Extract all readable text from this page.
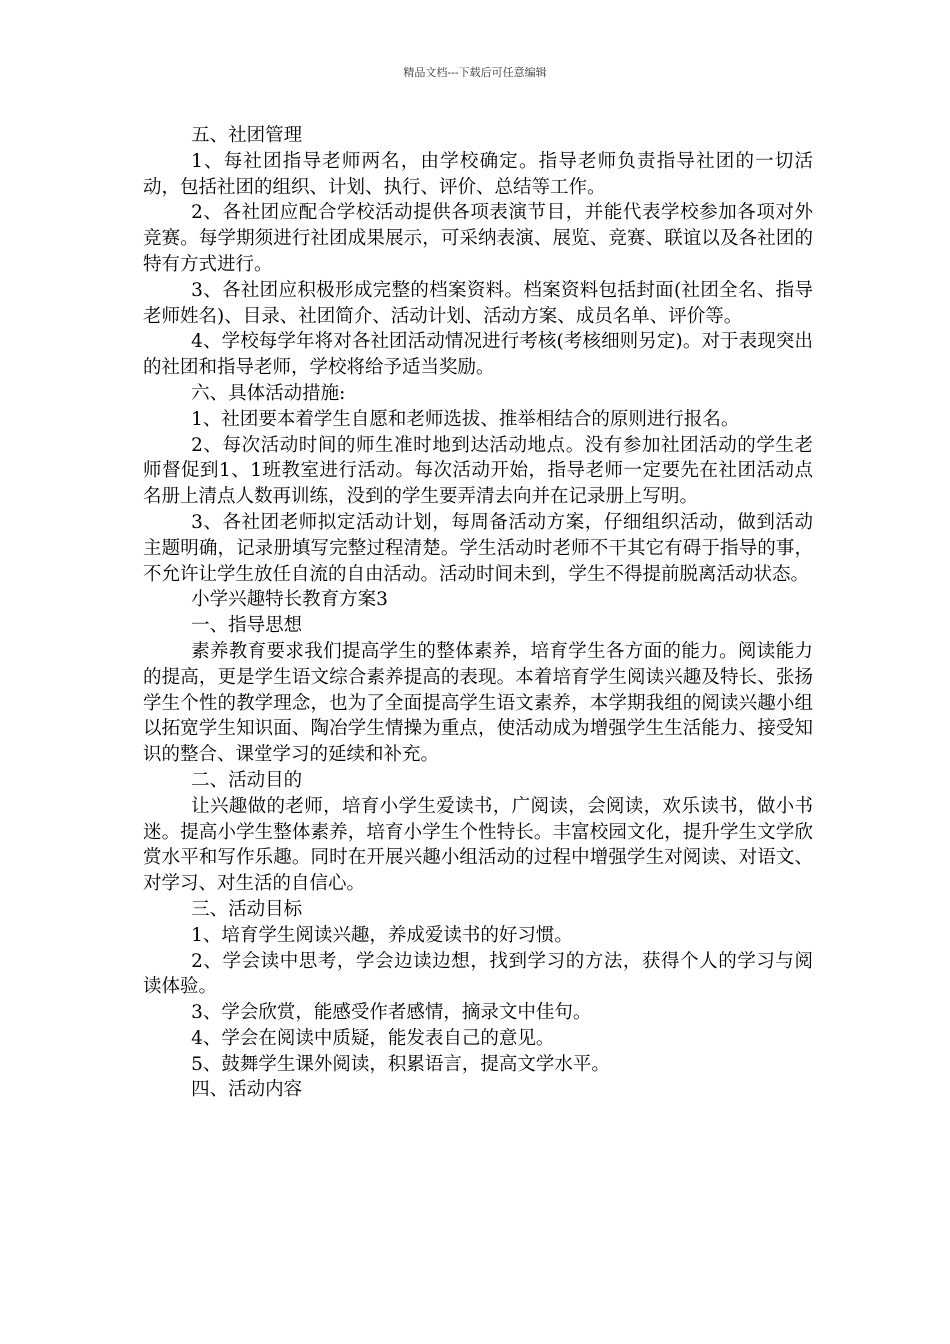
精品文档---下载后可任意编辑

五、社团管理

1、每社团指导老师两名，由学校确定。指导老师负责指导社团的一切活动，包括社团的组织、计划、执行、评价、总结等工作。

2、各社团应配合学校活动提供各项表演节目，并能代表学校参加各项对外竞赛。每学期须进行社团成果展示，可采纳表演、展览、竞赛、联谊以及各社团的特有方式进行。

3、各社团应积极形成完整的档案资料。档案资料包括封面(社团全名、指导老师姓名)、目录、社团简介、活动计划、活动方案、成员名单、评价等。

4、学校每学年将对各社团活动情况进行考核(考核细则另定)。对于表现突出的社团和指导老师，学校将给予适当奖励。

六、具体活动措施:

1、社团要本着学生自愿和老师选拔、推举相结合的原则进行报名。

2、每次活动时间的师生准时地到达活动地点。没有参加社团活动的学生老师督促到1、1班教室进行活动。每次活动开始，指导老师一定要先在社团活动点名册上清点人数再训练，没到的学生要弄清去向并在记录册上写明。

3、各社团老师拟定活动计划，每周备活动方案，仔细组织活动，做到活动主题明确，记录册填写完整过程清楚。学生活动时老师不干其它有碍于指导的事，不允许让学生放任自流的自由活动。活动时间未到，学生不得提前脱离活动状态。

小学兴趣特长教育方案3

一、指导思想

素养教育要求我们提高学生的整体素养，培育学生各方面的能力。阅读能力的提高，更是学生语文综合素养提高的表现。本着培育学生阅读兴趣及特长、张扬学生个性的教学理念，也为了全面提高学生语文素养，本学期我组的阅读兴趣小组以拓宽学生知识面、陶冶学生情操为重点，使活动成为增强学生生活能力、接受知识的整合、课堂学习的延续和补充。

二、活动目的

让兴趣做的老师，培育小学生爱读书，广阅读，会阅读，欢乐读书，做小书迷。提高小学生整体素养，培育小学生个性特长。丰富校园文化，提升学生文学欣赏水平和写作乐趣。同时在开展兴趣小组活动的过程中增强学生对阅读、对语文、对学习、对生活的自信心。

三、活动目标

1、培育学生阅读兴趣，养成爱读书的好习惯。

2、学会读中思考，学会边读边想，找到学习的方法，获得个人的学习与阅读体验。

3、学会欣赏，能感受作者感情，摘录文中佳句。

4、学会在阅读中质疑，能发表自己的意见。

5、鼓舞学生课外阅读，积累语言，提高文学水平。

四、活动内容
